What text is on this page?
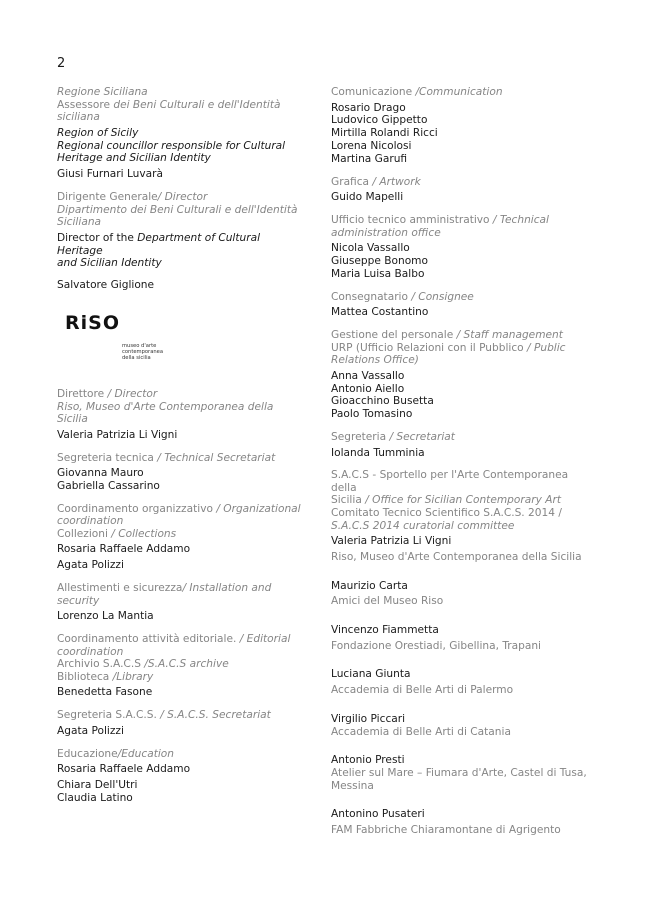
2
Regione Siciliana
Assessore dei Beni Culturali e dell'Identità siciliana
Region of Sicily
Regional councillor responsible for Cultural
Heritage and Sicilian Identity
Giusi Furnari Luvarà
Dirigente Generale/ Director
Dipartimento dei Beni Culturali e dell'Identità
Siciliana
Director of the Department of Cultural Heritage
and Sicilian Identity
Salvatore Giglione
RiSO
museo d'arte
contemporanea
della sicilia
Direttore / Director
Riso, Museo d'Arte Contemporanea della Sicilia
Valeria Patrizia Li Vigni
Segreteria tecnica / Technical Secretariat
Giovanna Mauro
Gabriella Cassarino
Coordinamento organizzativo / Organizational
coordination
Collezioni / Collections
Rosaria Raffaele Addamo
Agata Polizzi
Allestimenti e sicurezza/ Installation and security
Lorenzo La Mantia
Coordinamento attività editoriale. / Editorial
coordination
Archivio S.A.C.S /S.A.C.S archive
Biblioteca /Library
Benedetta Fasone
Segreteria S.A.C.S. / S.A.C.S. Secretariat
Agata Polizzi
Educazione/Education
Rosaria Raffaele Addamo
Chiara Dell'Utri
Claudia Latino
Comunicazione /Communication
Rosario Drago
Ludovico Gippetto
Mirtilla Rolandi Ricci
Lorena Nicolosi
Martina Garufi
Grafica / Artwork
Guido Mapelli
Ufficio tecnico amministrativo / Technical
administration office
Nicola Vassallo
Giuseppe Bonomo
Maria Luisa Balbo
Consegnatario / Consignee
Mattea Costantino
Gestione del personale / Staff management
URP (Ufficio Relazioni con il Pubblico / Public
Relations Office)
Anna Vassallo
Antonio Aiello
Gioacchino Busetta
Paolo Tomasino
Segreteria / Secretariat
Iolanda Tumminia
S.A.C.S - Sportello per l'Arte Contemporanea della
Sicilia / Office for Sicilian Contemporary Art
Comitato Tecnico Scientifico S.A.C.S. 2014 /
S.A.C.S 2014 curatorial committee
Valeria Patrizia Li Vigni
Riso, Museo d'Arte Contemporanea della Sicilia
Maurizio Carta
Amici del Museo Riso
Vincenzo Fiammetta
Fondazione Orestiadi, Gibellina, Trapani
Luciana Giunta
Accademia di Belle Arti di Palermo
Virgilio Piccari
Accademia di Belle Arti di Catania
Antonio Presti
Atelier sul Mare – Fiumara d'Arte, Castel di Tusa,
Messina
Antonino Pusateri
FAM Fabbriche Chiaramontane di Agrigento
